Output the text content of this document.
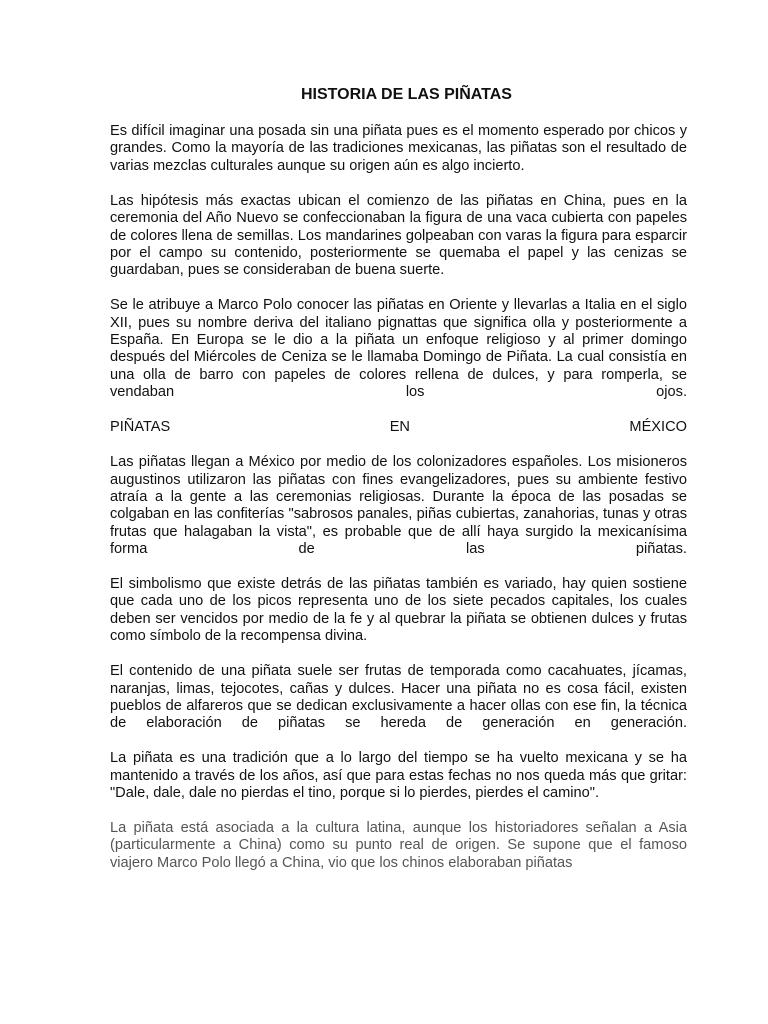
HISTORIA DE LAS PIÑATAS

Es difícil imaginar una posada sin una piñata pues es el momento esperado por chicos y grandes. Como la mayoría de las tradiciones mexicanas, las piñatas son el resultado de varias mezclas culturales aunque su origen aún es algo incierto.

Las hipótesis más exactas ubican el comienzo de las piñatas en China, pues en la ceremonia del Año Nuevo se confeccionaban la figura de una vaca cubierta con papeles de colores llena de semillas. Los mandarines golpeaban con varas la figura para esparcir por el campo su contenido, posteriormente se quemaba el papel y las cenizas se guardaban, pues se consideraban de buena suerte.

Se le atribuye a Marco Polo conocer las piñatas en Oriente y llevarlas a Italia en el siglo XII, pues su nombre deriva del italiano pignattas que significa olla y posteriormente a España. En Europa se le dio a la piñata un enfoque religioso y al primer domingo después del Miércoles de Ceniza se le llamaba Domingo de Piñata. La cual consistía en una olla de barro con papeles de colores rellena de dulces, y para romperla, se vendaban los ojos.

PIÑATAS	EN	MÉXICO

Las piñatas llegan a México por medio de los colonizadores españoles. Los misioneros augustinos utilizaron las piñatas con fines evangelizadores, pues su ambiente festivo atraía a la gente a las ceremonias religiosas. Durante la época de las posadas se colgaban en las confiterías "sabrosos panales, piñas cubiertas, zanahorias, tunas y otras frutas que halagaban la vista", es probable que de allí haya surgido la mexicanísima forma de las piñatas.

El simbolismo que existe detrás de las piñatas también es variado, hay quien sostiene que cada uno de los picos representa uno de los siete pecados capitales, los cuales deben ser vencidos por medio de la fe y al quebrar la piñata se obtienen dulces y frutas como símbolo de la recompensa divina.

El contenido de una piñata suele ser frutas de temporada como cacahuates, jícamas, naranjas, limas, tejocotes, cañas y dulces. Hacer una piñata no es cosa fácil, existen pueblos de alfareros que se dedican exclusivamente a hacer ollas con ese fin, la técnica de elaboración de piñatas se hereda de generación en generación.

La piñata es una tradición que a lo largo del tiempo se ha vuelto mexicana y se ha mantenido a través de los años, así que para estas fechas no nos queda más que gritar: "Dale, dale, dale no pierdas el tino, porque si lo pierdes, pierdes el camino".

La piñata está asociada a la cultura latina, aunque los historiadores señalan a Asia (particularmente a China) como su punto real de origen. Se supone que el famoso viajero Marco Polo llegó a China, vio que los chinos elaboraban piñatas
